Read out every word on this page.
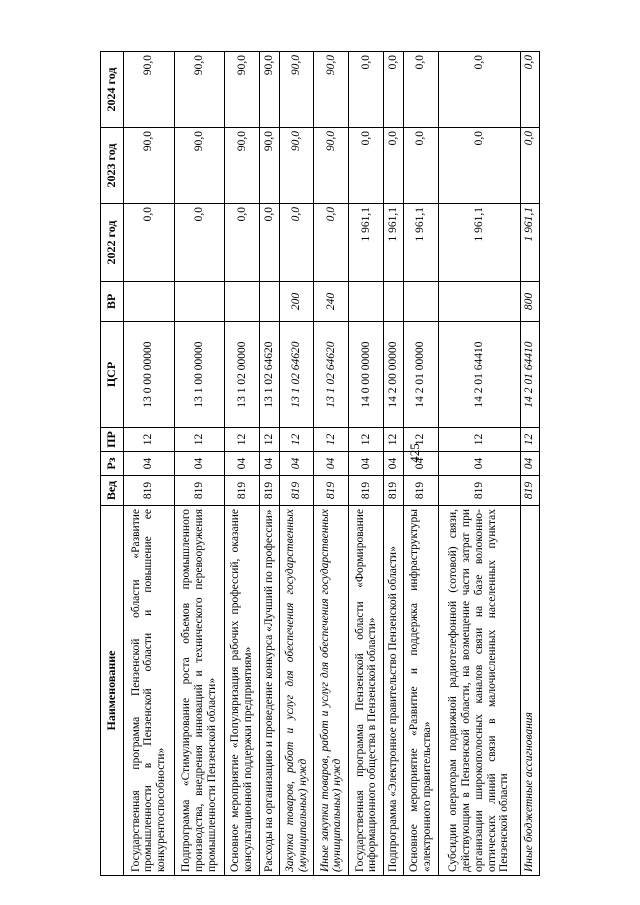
425
Наименование	Вед	Рз	ПР	ЦСР	ВР	2022 год	2023 год	2024 год
Государственная программа Пензенской области «Развитие промышленности в Пензенской области и повышение ее конкурентоспособности»	819	04	12	13 0 00 00000		0,0	90,0	90,0
Подпрограмма «Стимулирование роста объемов промышленного производства, внедрения инноваций и технического перевооружения промышленности Пензенской области»	819	04	12	13 1 00 00000		0,0	90,0	90,0
Основное мероприятие «Популяризация рабочих профессий, оказание консультационной поддержки предприятиям»	819	04	12	13 1 02 00000		0,0	90,0	90,0
Расходы на организацию и проведение конкурса «Лучший по профессии»	819	04	12	13 1 02 64620		0,0	90,0	90,0
Закупка товаров, работ и услуг для обеспечения государственных (муниципальных) нужд	819	04	12	13 1 02 64620	200	0,0	90,0	90,0
Иные закупки товаров, работ и услуг для обеспечения государственных (муниципальных) нужд	819	04	12	13 1 02 64620	240	0,0	90,0	90,0
Государственная программа Пензенской области «Формирование информационного общества в Пензенской области»	819	04	12	14 0 00 00000		1 961,1	0,0	0,0
Подпрограмма «Электронное правительство Пензенской области»	819	04	12	14 2 00 00000		1 961,1	0,0	0,0
Основное мероприятие «Развитие и поддержка инфраструктуры «электронного правительства»	819	04	12	14 2 01 00000		1 961,1	0,0	0,0
Субсидии операторам подвижной радиотелефонной (сотовой) связи, действующим в Пензенской области, на возмещение части затрат при организации широкополосных каналов связи на базе волоконно-оптических линий связи в малочисленных населенных пунктах Пензенской области	819	04	12	14 2 01 64410		1 961,1	0,0	0,0
Иные бюджетные ассигнования	819	04	12	14 2 01 64410	800	1 961,1	0,0	0,0
